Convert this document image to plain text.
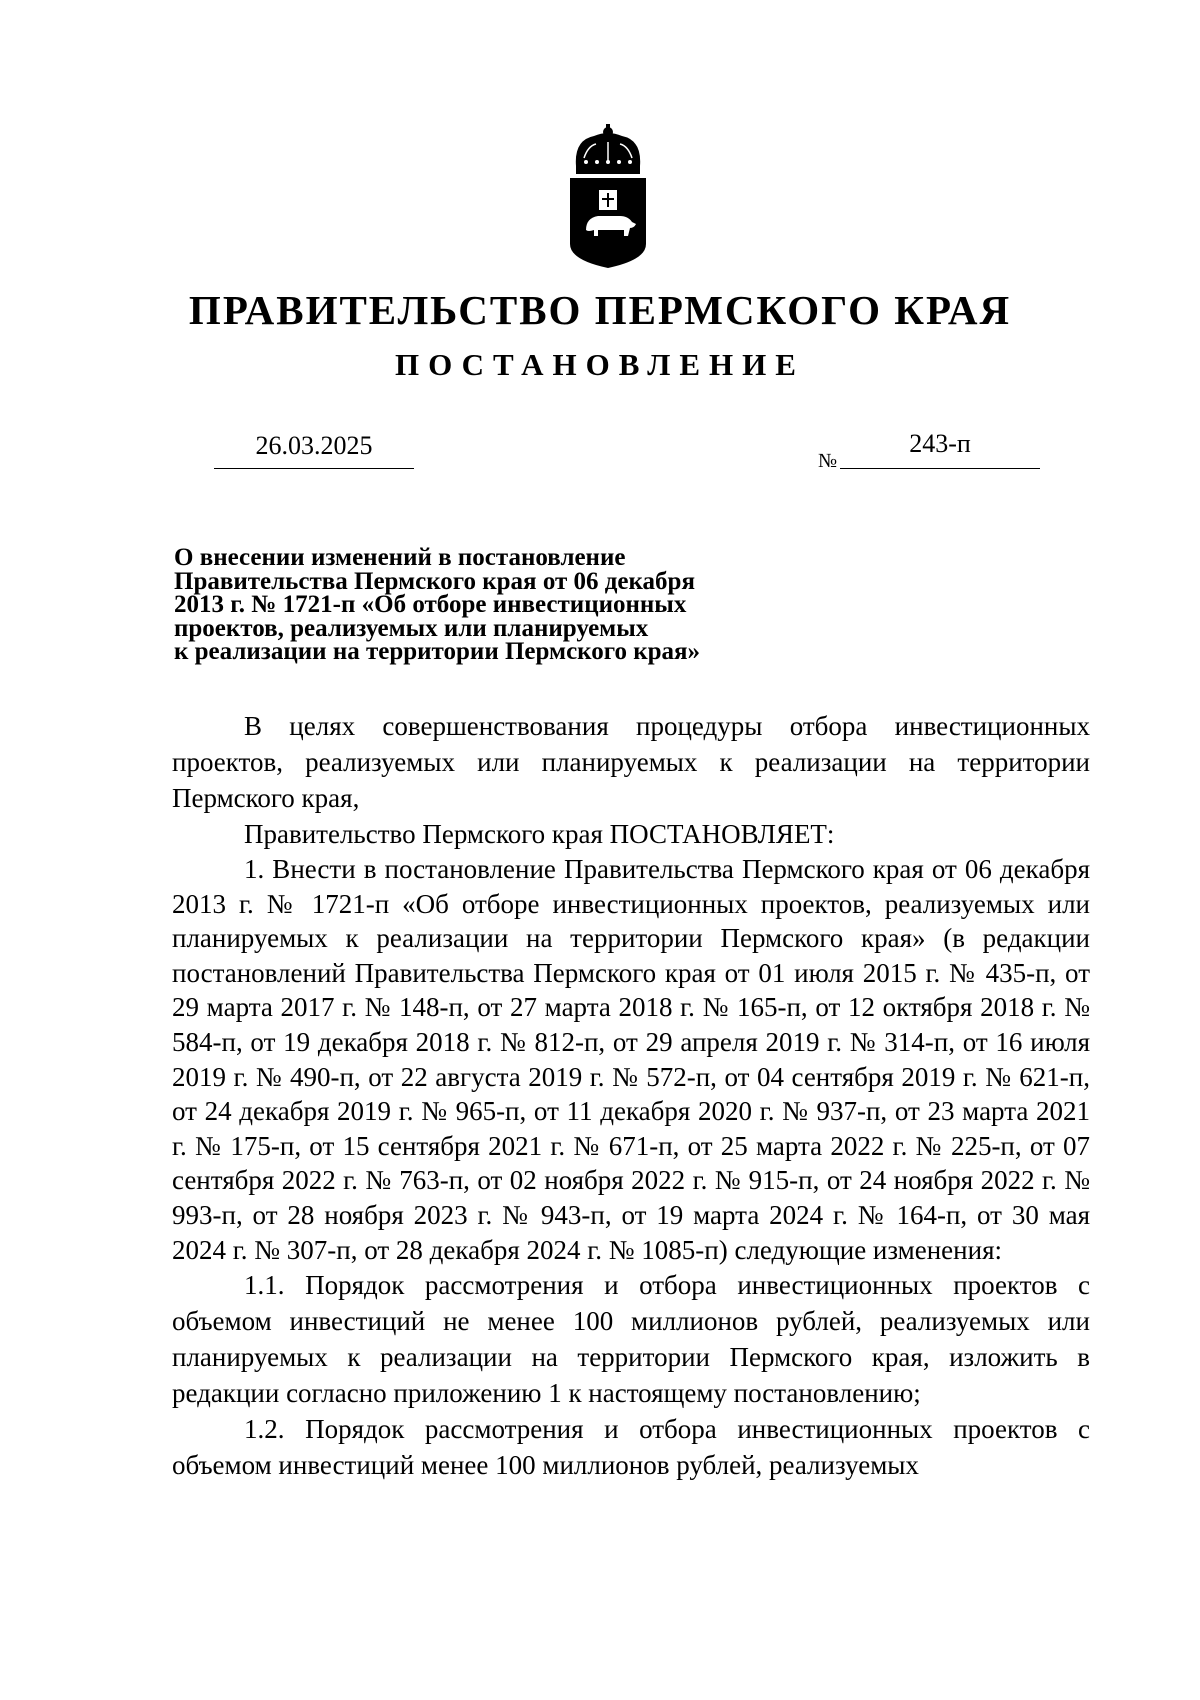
ПРАВИТЕЛЬСТВО ПЕРМСКОГО КРАЯ
ПОСТАНОВЛЕНИЕ
26.03.2025
№
243-п
О внесении изменений в постановление
Правительства Пермского края от 06 декабря
2013 г. № 1721-п «Об отборе инвестиционных
проектов, реализуемых или планируемых
к реализации на территории Пермского края»

В целях совершенствования процедуры отбора инвестиционных проектов, реализуемых или планируемых к реализации на территории Пермского края,

Правительство Пермского края ПОСТАНОВЛЯЕТ:

1. Внести в постановление Правительства Пермского края от 06 декабря 2013 г. № 1721-п «Об отборе инвестиционных проектов, реализуемых или планируемых к реализации на территории Пермского края» (в редакции постановлений Правительства Пермского края от 01 июля 2015 г. № 435-п, от 29 марта 2017 г. № 148-п, от 27 марта 2018 г. № 165-п, от 12 октября 2018 г. № 584-п, от 19 декабря 2018 г. № 812-п, от 29 апреля 2019 г. № 314-п, от 16 июля 2019 г. № 490-п, от 22 августа 2019 г. № 572-п, от 04 сентября 2019 г. № 621-п, от 24 декабря 2019 г. № 965-п, от 11 декабря 2020 г. № 937-п, от 23 марта 2021 г. № 175-п, от 15 сентября 2021 г. № 671-п, от 25 марта 2022 г. № 225-п, от 07 сентября 2022 г. № 763-п, от 02 ноября 2022 г. № 915-п, от 24 ноября 2022 г. № 993-п, от 28 ноября 2023 г. № 943-п, от 19 марта 2024 г. № 164-п, от 30 мая 2024 г. № 307-п, от 28 декабря 2024 г. № 1085-п) следующие изменения:

1.1. Порядок рассмотрения и отбора инвестиционных проектов с объемом инвестиций не менее 100 миллионов рублей, реализуемых или планируемых к реализации на территории Пермского края, изложить в редакции согласно приложению 1 к настоящему постановлению;

1.2. Порядок рассмотрения и отбора инвестиционных проектов с объемом инвестиций менее 100 миллионов рублей, реализуемых
